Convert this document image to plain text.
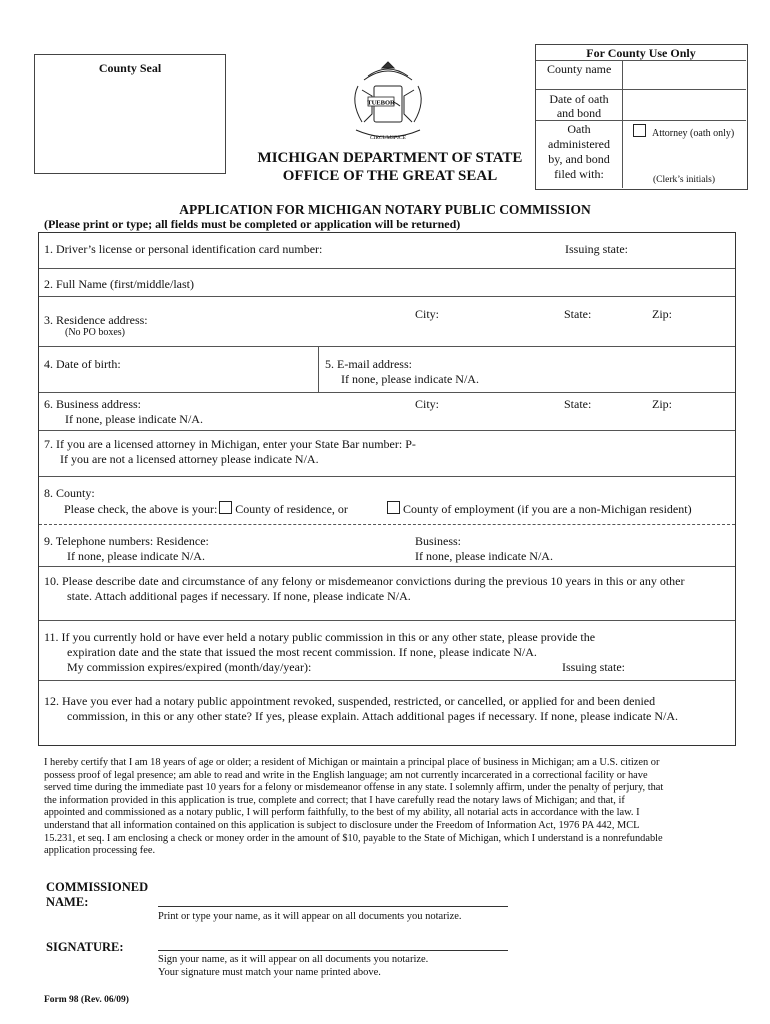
County Seal
TUEBOR
CIRCUMSPICE
MICHIGAN DEPARTMENT OF STATE
OFFICE OF THE GREAT SEAL
For County Use Only
County name
Date of oath
and bond
Oath
administered
by, and bond
filed with:
Attorney (oath only)
(Clerk’s initials)
APPLICATION FOR MICHIGAN NOTARY PUBLIC COMMISSION
(Please print or type; all fields must be completed or application will be returned)
1. Driver’s license or personal identification card number:	Issuing state:
2. Full Name (first/middle/last)
3. Residence address:
(No PO boxes)
City:	State:	Zip:
4. Date of birth:	5. E-mail address:
If none, please indicate N/A.
6. Business address:
If none, please indicate N/A.
City:	State:	Zip:
7. If you are a licensed attorney in Michigan, enter your State Bar number: P-
If you are not a licensed attorney please indicate N/A.
8. County:
Please check, the above is your: County of residence, or	County of employment (if you are a non-Michigan resident)
9. Telephone numbers: Residence:
If none, please indicate N/A.
Business:
If none, please indicate N/A.
10. Please describe date and circumstance of any felony or misdemeanor convictions during the previous 10 years in this or any other
state. Attach additional pages if necessary. If none, please indicate N/A.
11. If you currently hold or have ever held a notary public commission in this or any other state, please provide the
expiration date and the state that issued the most recent commission. If none, please indicate N/A.
My commission expires/expired (month/day/year):	Issuing state:
12. Have you ever had a notary public appointment revoked, suspended, restricted, or cancelled, or applied for and been denied
commission, in this or any other state? If yes, please explain. Attach additional pages if necessary. If none, please indicate N/A.
I hereby certify that I am 18 years of age or older; a resident of Michigan or maintain a principal place of business in Michigan; am a U.S. citizen or
possess proof of legal presence; am able to read and write in the English language; am not currently incarcerated in a correctional facility or have
served time during the immediate past 10 years for a felony or misdemeanor offense in any state. I solemnly affirm, under the penalty of perjury, that
the information provided in this application is true, complete and correct; that I have carefully read the notary laws of Michigan; and that, if
appointed and commissioned as a notary public, I will perform faithfully, to the best of my ability, all notarial acts in accordance with the law. I
understand that all information contained on this application is subject to disclosure under the Freedom of Information Act, 1976 PA 442, MCL
15.231, et seq. I am enclosing a check or money order in the amount of $10, payable to the State of Michigan, which I understand is a nonrefundable
application processing fee.
COMMISSIONED
NAME:
Print or type your name, as it will appear on all documents you notarize.
SIGNATURE:
Sign your name, as it will appear on all documents you notarize.
Your signature must match your name printed above.
Form 98 (Rev. 06/09)
